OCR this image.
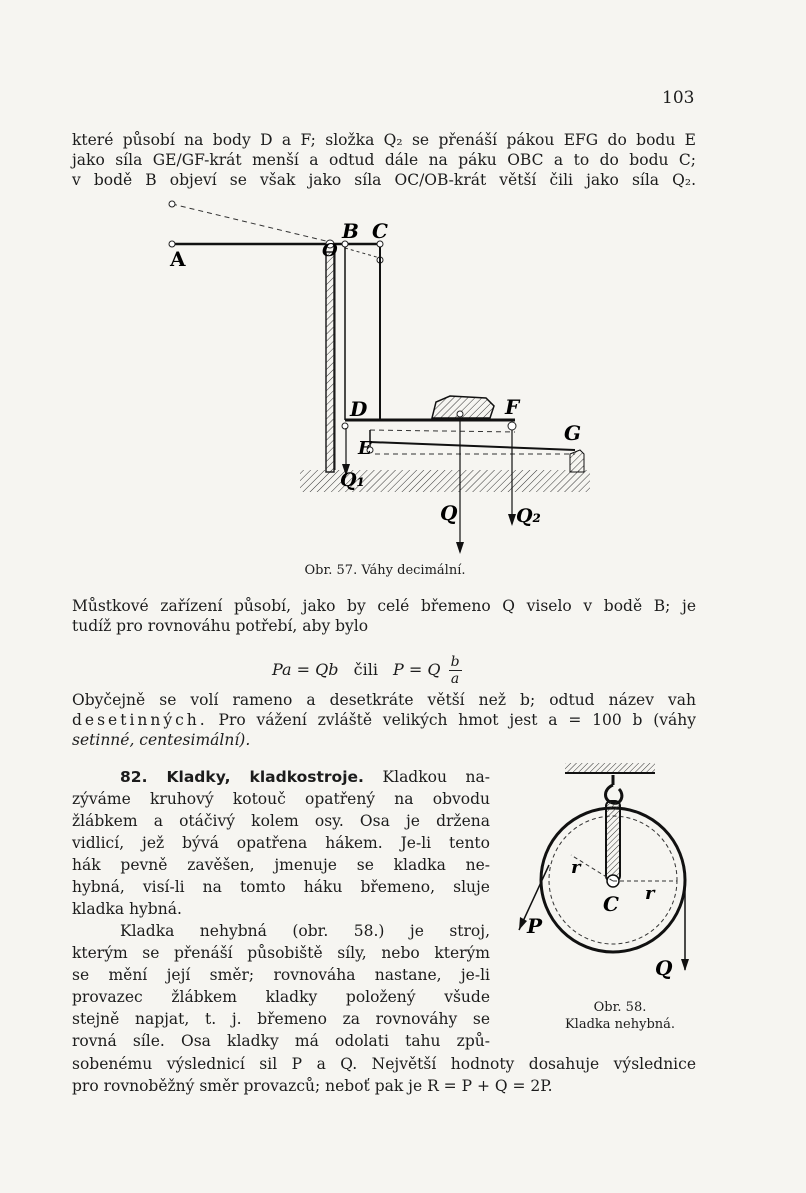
103
které působí na body D a F; složka Q₂ se přenáší pákou EFG do bodu E
jako síla GE/GF-krát menší a odtud dále na páku OBC a to do bodu C;
v bodě B objeví se však jako síla OC/OB-krát větší čili jako síla Q₂.
A	O
B C
D
E
F
G
Q₁
Q	Q₂
Obr. 57. Váhy decimální.
Můstkové zařízení působí, jako by celé břemeno Q viselo v bodě B; je
tudíž pro rovnováhu potřebí, aby bylo
Pa = Qb čili P = Q $\frac{b}{a}$
Obyčejně se volí rameno a desetkráte větší než b; odtud název vah
desetinných. Pro vážení zvláště velikých hmot jest a = 100 b (váhy
setinné, centesimální).
82. Kladky, kladkostroje. Kladkou na-
zýváme kruhový kotouč opatřený na obvodu
žlábkem a otáčivý kolem osy. Osa je držena
vidlicí, jež bývá opatřena hákem. Je-li tento
hák pevně zavěšen, jmenuje se kladka ne-
hybná, visí-li na tomto háku břemeno, sluje
kladka hybná.
Kladka nehybná (obr. 58.) je stroj,
kterým se přenáší působiště síly, nebo kterým
se mění její směr; rovnováha nastane, je-li
provazec žlábkem kladky položený všude
stejně napjat, t. j. břemeno za rovnováhy se
rovná síle. Osa kladky má odolati tahu způ-
sobenému výslednicí sil P a Q. Největší hodnoty dosahuje výslednice
pro rovnoběžný směr provazců; neboť pak je R = P + Q = 2P.
r
r
C
P
Q
Obr. 58.
Kladka nehybná.
